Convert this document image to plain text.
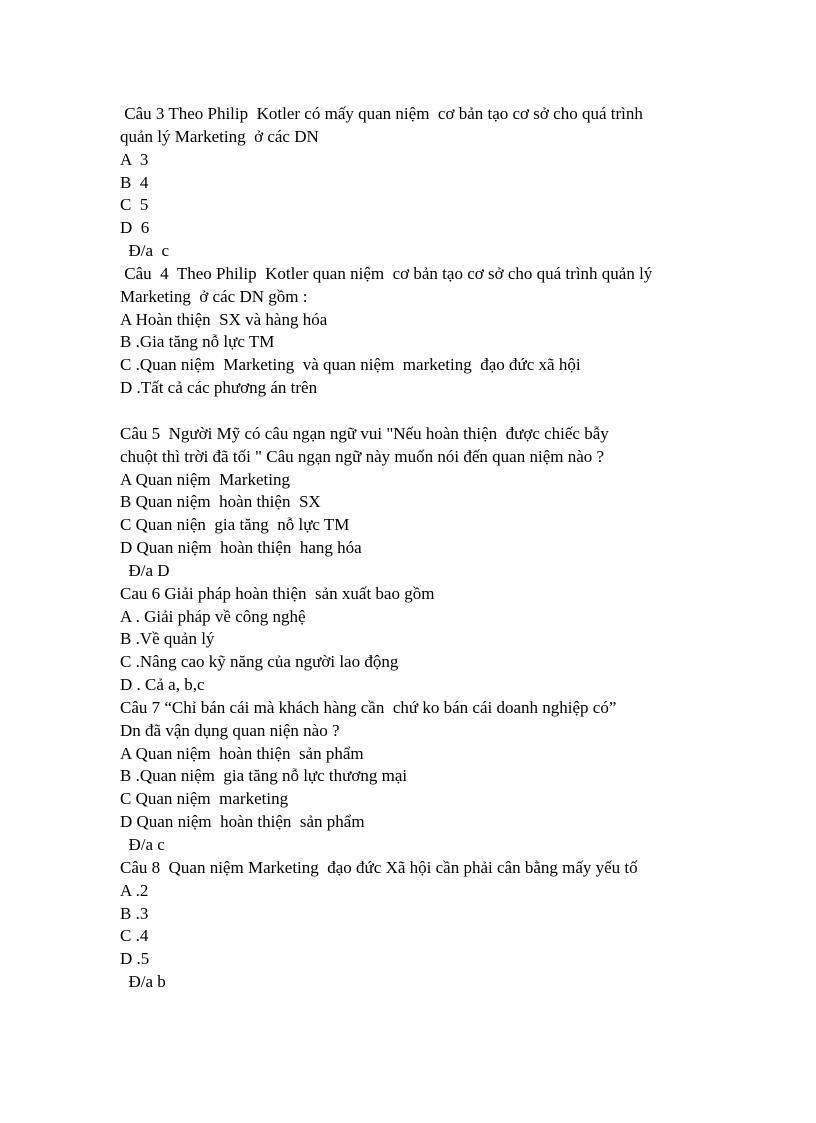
Câu 3 Theo Philip  Kotler có mấy quan niệm  cơ bản tạo cơ sở cho quá trình
quản lý Marketing  ở các DN
A  3
B  4
C  5
D  6
Đ/a  c
Câu  4  Theo Philip  Kotler quan niệm  cơ bản tạo cơ sở cho quá trình quản lý
Marketing  ở các DN gồm :
A Hoàn thiện  SX và hàng hóa
B .Gia tăng nỗ lực TM
C .Quan niệm  Marketing  và quan niệm  marketing  đạo đức xã hội
D .Tất cả các phương án trên
Câu 5  Người Mỹ có câu ngạn ngữ vui "Nếu hoàn thiện  được chiếc bẫy
chuột thì trời đã tối " Câu ngạn ngữ này muốn nói đến quan niệm nào ?
A Quan niệm  Marketing
B Quan niệm  hoàn thiện  SX
C Quan niện  gia tăng  nỗ lực TM
D Quan niệm  hoàn thiện  hang hóa
Đ/a D
Cau 6 Giải pháp hoàn thiện  sản xuất bao gồm
A . Giải pháp về công nghệ
B .Về quản lý
C .Nâng cao kỹ năng của người lao động
D . Cả a, b,c
Câu 7 “Chỉ bán cái mà khách hàng cần  chứ ko bán cái doanh nghiệp có”
Dn đã vận dụng quan niện nào ?
A Quan niệm  hoàn thiện  sản phẩm
B .Quan niệm  gia tăng nỗ lực thương mại
C Quan niệm  marketing
D Quan niệm  hoàn thiện  sản phẩm
Đ/a c
Câu 8  Quan niệm Marketing  đạo đức Xã hội cần phải cân bằng mấy yếu tố
A .2
B .3
C .4
D .5
Đ/a b
